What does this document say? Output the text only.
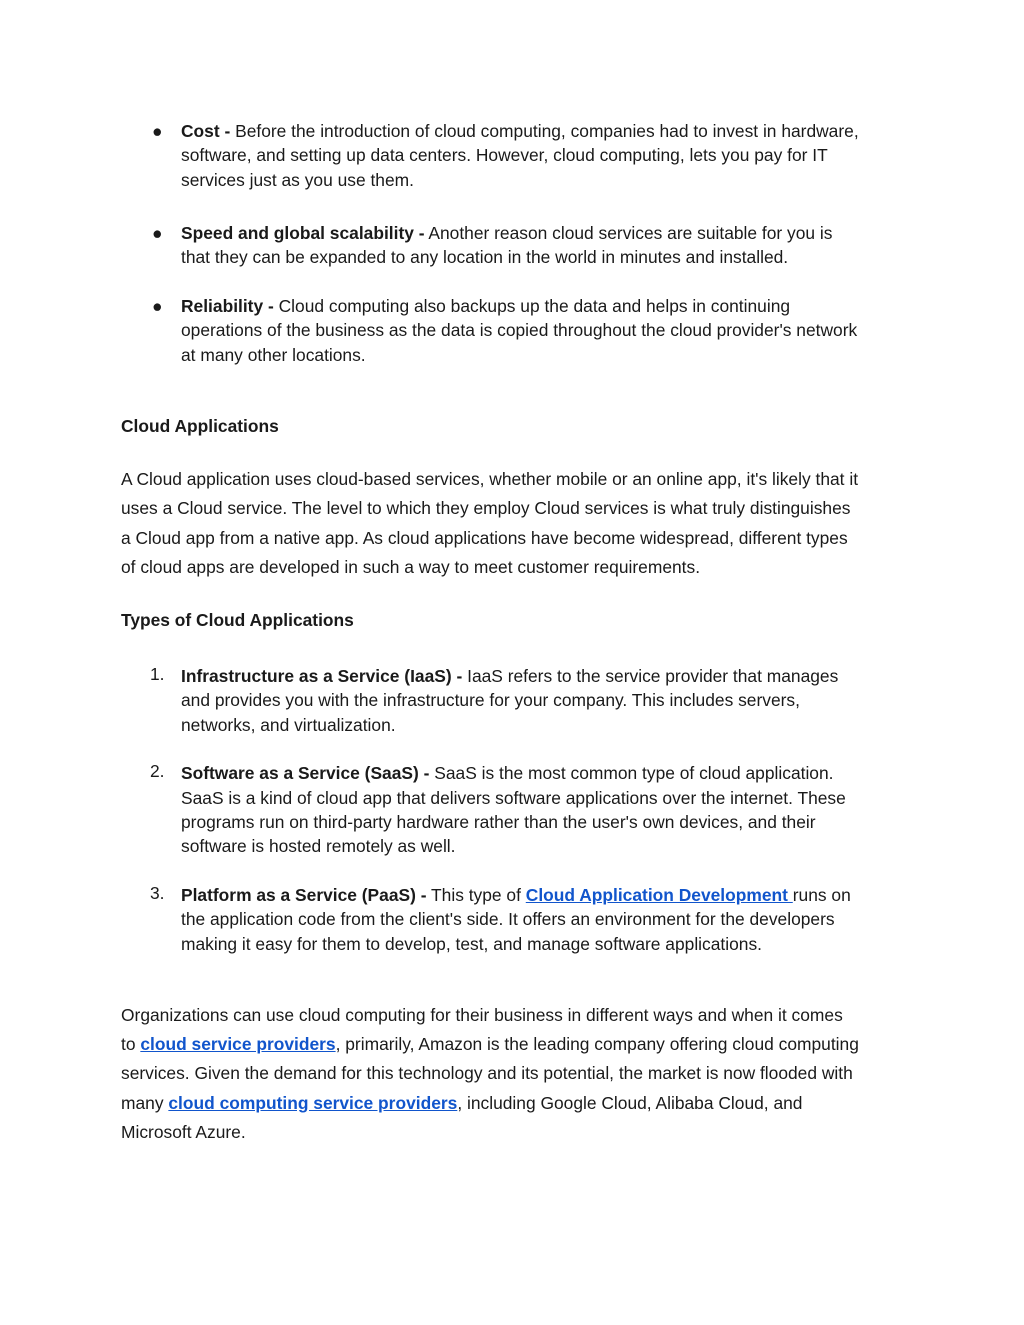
● Cost - Before the introduction of cloud computing, companies had to invest in hardware,
software, and setting up data centers. However, cloud computing, lets you pay for IT
services just as you use them.
● Speed and global scalability - Another reason cloud services are suitable for you is
that they can be expanded to any location in the world in minutes and installed.
● Reliability - Cloud computing also backups up the data and helps in continuing
operations of the business as the data is copied throughout the cloud provider's network
at many other locations.
Cloud Applications
A Cloud application uses cloud-based services, whether mobile or an online app, it's likely that it
uses a Cloud service. The level to which they employ Cloud services is what truly distinguishes
a Cloud app from a native app. As cloud applications have become widespread, different types
of cloud apps are developed in such a way to meet customer requirements.
Types of Cloud Applications
1. Infrastructure as a Service (IaaS) - IaaS refers to the service provider that manages
and provides you with the infrastructure for your company. This includes servers,
networks, and virtualization.
2. Software as a Service (SaaS) - SaaS is the most common type of cloud application.
SaaS is a kind of cloud app that delivers software applications over the internet. These
programs run on third-party hardware rather than the user's own devices, and their
software is hosted remotely as well.
3. Platform as a Service (PaaS) - This type of Cloud Application Development runs on
the application code from the client's side. It offers an environment for the developers
making it easy for them to develop, test, and manage software applications.
Organizations can use cloud computing for their business in different ways and when it comes
to cloud service providers, primarily, Amazon is the leading company offering cloud computing
services. Given the demand for this technology and its potential, the market is now flooded with
many cloud computing service providers, including Google Cloud, Alibaba Cloud, and
Microsoft Azure.
